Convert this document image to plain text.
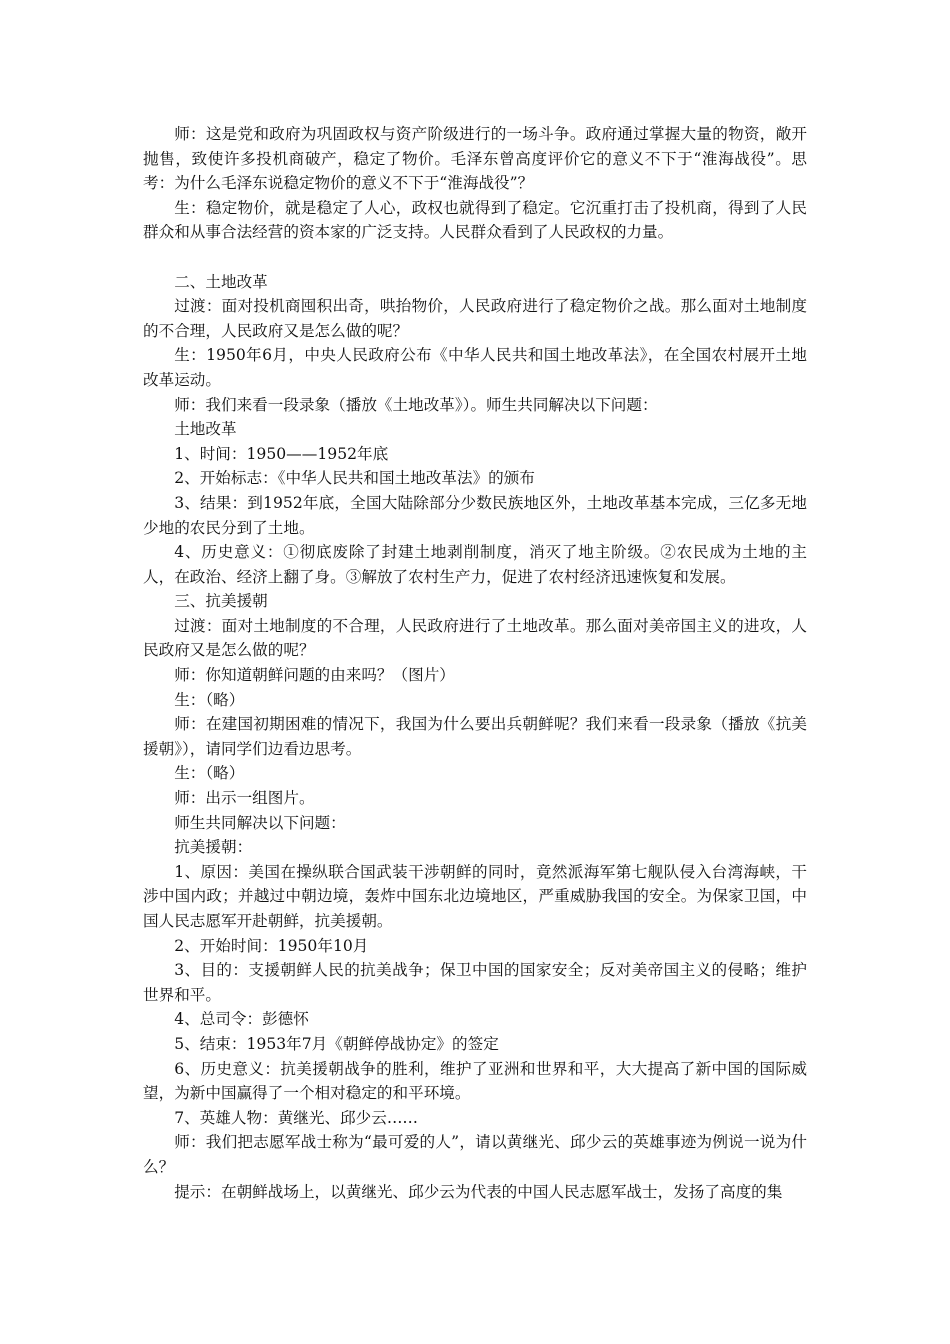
师：这是党和政府为巩固政权与资产阶级进行的一场斗争。政府通过掌握大量的物资，敞开抛售，致使许多投机商破产，稳定了物价。毛泽东曾高度评价它的意义不下于“淮海战役”。思考：为什么毛泽东说稳定物价的意义不下于“淮海战役”？

生：稳定物价，就是稳定了人心，政权也就得到了稳定。它沉重打击了投机商，得到了人民群众和从事合法经营的资本家的广泛支持。人民群众看到了人民政权的力量。

二、土地改革

过渡：面对投机商囤积出奇，哄抬物价，人民政府进行了稳定物价之战。那么面对土地制度的不合理，人民政府又是怎么做的呢？

生：1950年6月，中央人民政府公布《中华人民共和国土地改革法》，在全国农村展开土地改革运动。

师：我们来看一段录象（播放《土地改革》）。师生共同解决以下问题：

土地改革

1、时间：1950——1952年底

2、开始标志：《中华人民共和国土地改革法》的颁布

3、结果：到1952年底，全国大陆除部分少数民族地区外，土地改革基本完成，三亿多无地少地的农民分到了土地。

4、历史意义：①彻底废除了封建土地剥削制度，消灭了地主阶级。②农民成为土地的主人，在政治、经济上翻了身。③解放了农村生产力，促进了农村经济迅速恢复和发展。

三、抗美援朝

过渡：面对土地制度的不合理，人民政府进行了土地改革。那么面对美帝国主义的进攻，人民政府又是怎么做的呢？

师：你知道朝鲜问题的由来吗？（图片）

生：（略）

师：在建国初期困难的情况下，我国为什么要出兵朝鲜呢？我们来看一段录象（播放《抗美援朝》），请同学们边看边思考。

生：（略）

师：出示一组图片。

师生共同解决以下问题：

抗美援朝：

1、原因：美国在操纵联合国武装干涉朝鲜的同时，竟然派海军第七舰队侵入台湾海峡，干涉中国内政；并越过中朝边境，轰炸中国东北边境地区，严重威胁我国的安全。为保家卫国，中国人民志愿军开赴朝鲜，抗美援朝。

2、开始时间：1950年10月

3、目的：支援朝鲜人民的抗美战争；保卫中国的国家安全；反对美帝国主义的侵略；维护世界和平。

4、总司令：彭德怀

5、结束：1953年7月《朝鲜停战协定》的签定

6、历史意义：抗美援朝战争的胜利，维护了亚洲和世界和平，大大提高了新中国的国际威望，为新中国赢得了一个相对稳定的和平环境。

7、英雄人物：黄继光、邱少云……

师：我们把志愿军战士称为“最可爱的人”，请以黄继光、邱少云的英雄事迹为例说一说为什么？

提示：在朝鲜战场上，以黄继光、邱少云为代表的中国人民志愿军战士，发扬了高度的集
